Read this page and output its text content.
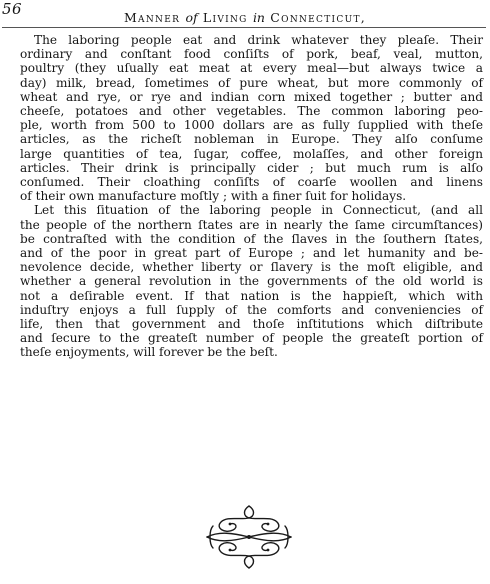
56	Manner of Living in Connecticut,
The laboring people eat and drink whatever they pleaſe. Their
ordinary and conſtant food conſiſts of pork, beaf, veal, mutton,
poultry (they uſually eat meat at every meal—but always twice a
day) milk, bread, ſometimes of pure wheat, but more commonly of
wheat and rye, or rye and indian corn mixed together ; butter and
cheeſe, potatoes and other vegetables. The common laboring peo-
ple, worth from 500 to 1000 dollars are as fully ſupplied with theſe
articles, as the richeſt nobleman in Europe. They alſo conſume
large quantities of tea, ſugar, coffee, molaſſes, and other foreign
articles. Their drink is principally cider ; but much rum is alſo
conſumed. Their cloathing conſiſts of coarſe woollen and linens
of their own manufacture moſtly ; with a finer ſuit for holidays.
Let this ſituation of the laboring people in Connecticut, (and all
the people of the northern ſtates are in nearly the ſame circumſtances)
be contraſted with the condition of the ſlaves in the ſouthern ſtates,
and of the poor in great part of Europe ; and let humanity and be-
nevolence decide, whether liberty or ſlavery is the moſt eligible, and
whether a general revolution in the governments of the old world is
not a deſirable event. If that nation is the happieſt, which with
induſtry enjoys a full ſupply of the comforts and conveniencies of
life, then that government and thoſe inſtitutions which diſtribute
and ſecure to the greateſt number of people the greateſt portion of
theſe enjoyments, will forever be the beſt.
